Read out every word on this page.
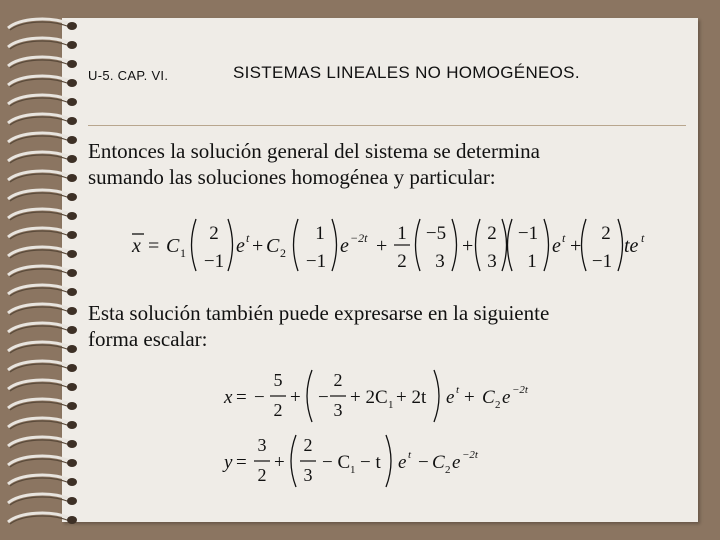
U-5. CAP. VI.	SISTEMAS LINEALES NO HOMOGÉNEOS.

Entonces la solución general del sistema se determina
sumando las soluciones homogénea y particular:

x = C 1
2
−1
e t + C 2
1
−1
e −2t +
1
2
−5
3
+
2
3
−1
1
e t +
2
−1
te t

Esta solución también puede expresarse en la siguiente
forma escalar:

x = −
5
2
+ −
2
3
+ 2C 1 + 2t e t + C 2 e −2t
y =
3
2
+
2
3
− C 1 − t e t − C 2 e −2t
